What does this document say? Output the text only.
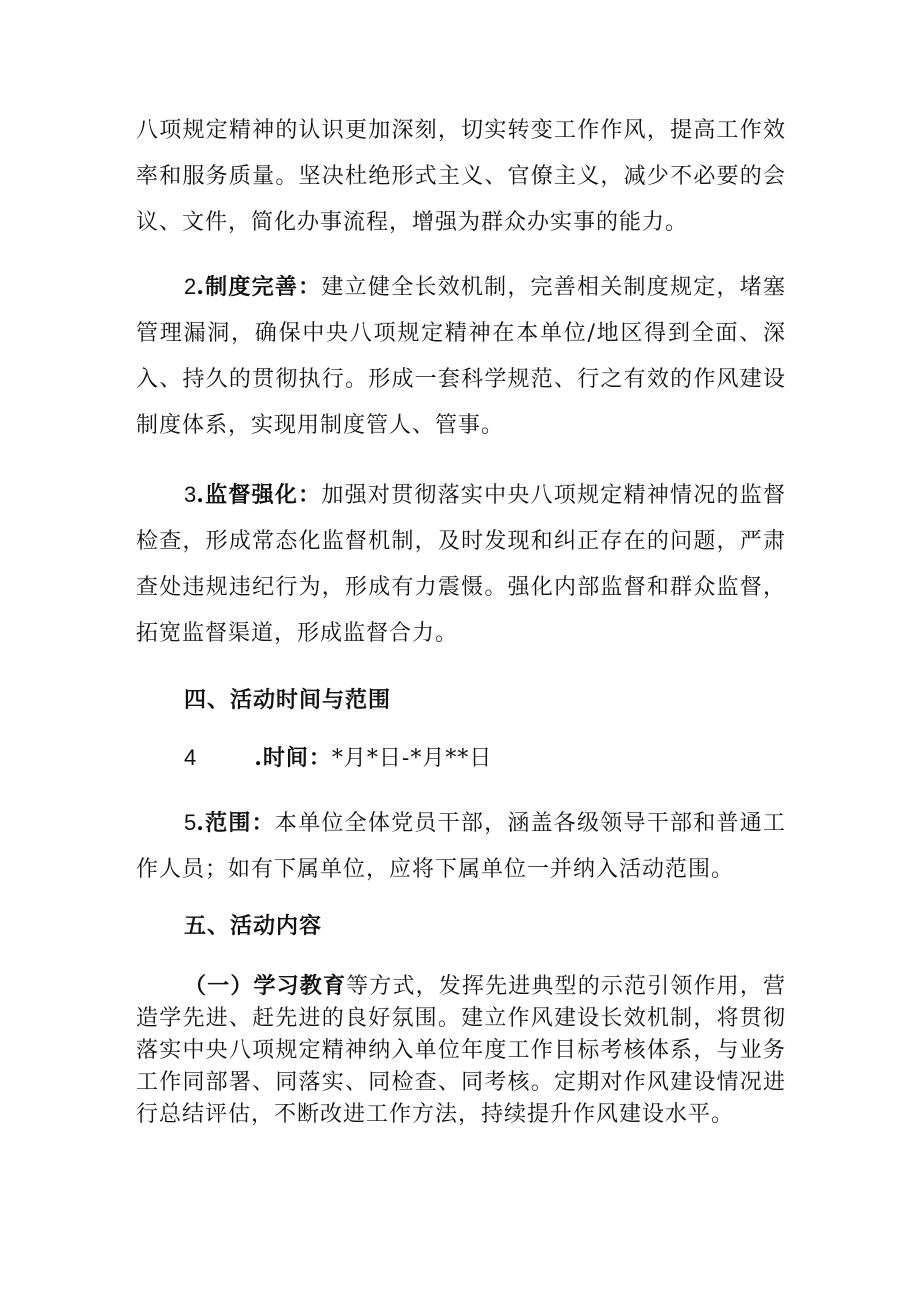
八项规定精神的认识更加深刻，切实转变工作作风，提高工作效率和服务质量。坚决杜绝形式主义、官僚主义，减少不必要的会议、文件，简化办事流程，增强为群众办实事的能力。

2.制度完善：建立健全长效机制，完善相关制度规定，堵塞管理漏洞，确保中央八项规定精神在本单位/地区得到全面、深入、持久的贯彻执行。形成一套科学规范、行之有效的作风建设制度体系，实现用制度管人、管事。

3.监督强化：加强对贯彻落实中央八项规定精神情况的监督检查，形成常态化监督机制，及时发现和纠正存在的问题，严肃查处违规违纪行为，形成有力震慑。强化内部监督和群众监督，拓宽监督渠道，形成监督合力。

四、活动时间与范围

4	.时间：*月*日-*月**日

5.范围：本单位全体党员干部，涵盖各级领导干部和普通工作人员；如有下属单位，应将下属单位一并纳入活动范围。

五、活动内容

（一）学习教育等方式，发挥先进典型的示范引领作用，营造学先进、赶先进的良好氛围。建立作风建设长效机制，将贯彻落实中央八项规定精神纳入单位年度工作目标考核体系，与业务工作同部署、同落实、同检查、同考核。定期对作风建设情况进行总结评估，不断改进工作方法，持续提升作风建设水平。
